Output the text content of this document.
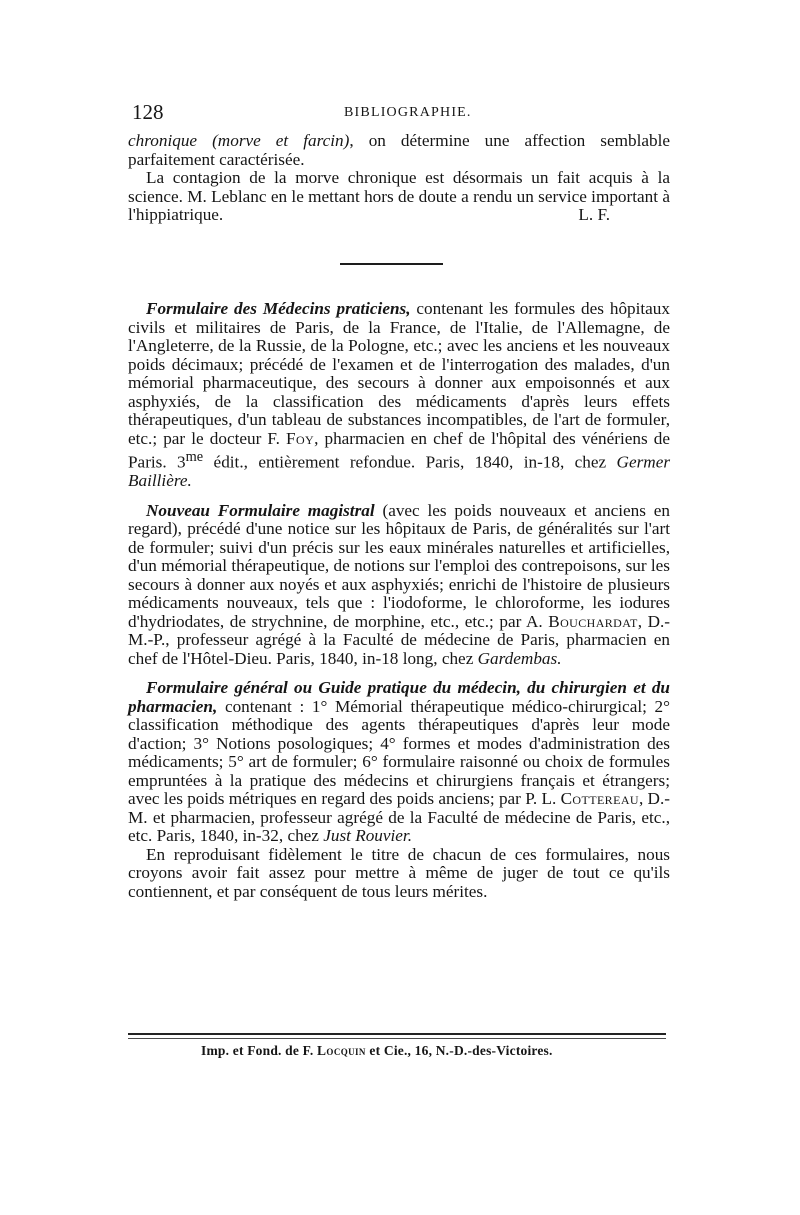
128	BIBLIOGRAPHIE.

chronique (morve et farcin), on détermine une affection semblable parfaitement caractérisée.

La contagion de la morve chronique est désormais un fait acquis à la science. M. Leblanc en le mettant hors de doute a rendu un service important à l'hippiatrique.	L. F.

Formulaire des Médecins praticiens, contenant les formules des hôpitaux civils et militaires de Paris, de la France, de l'Italie, de l'Allemagne, de l'Angleterre, de la Russie, de la Pologne, etc.; avec les anciens et les nouveaux poids décimaux; précédé de l'examen et de l'interrogation des malades, d'un mémorial pharmaceutique, des secours à donner aux empoisonnés et aux asphyxiés, de la classification des médicaments d'après leurs effets thérapeutiques, d'un tableau de substances incompatibles, de l'art de formuler, etc.; par le docteur F. Foy, pharmacien en chef de l'hôpital des vénériens de Paris. $3^{me}$ édit., entièrement refondue. Paris, 1840, in-18, chez Germer Baillière.

Nouveau Formulaire magistral (avec les poids nouveaux et anciens en regard), précédé d'une notice sur les hôpitaux de Paris, de généralités sur l'art de formuler; suivi d'un précis sur les eaux minérales naturelles et artificielles, d'un mémorial thérapeutique, de notions sur l'emploi des contrepoisons, sur les secours à donner aux noyés et aux asphyxiés; enrichi de l'histoire de plusieurs médicaments nouveaux, tels que : l'iodoforme, le chloroforme, les iodures d'hydriodates, de strychnine, de morphine, etc., etc.; par A. Bouchardat, D.-M.-P., professeur agrégé à la Faculté de médecine de Paris, pharmacien en chef de l'Hôtel-Dieu. Paris, 1840, in-18 long, chez Gardembas.

Formulaire général ou Guide pratique du médecin, du chirurgien et du pharmacien, contenant : 1° Mémorial thérapeutique médico-chirurgical; 2° classification méthodique des agents thérapeutiques d'après leur mode d'action; 3° Notions posologiques; 4° formes et modes d'administration des médicaments; 5° art de formuler; 6° formulaire raisonné ou choix de formules empruntées à la pratique des médecins et chirurgiens français et étrangers; avec les poids métriques en regard des poids anciens; par P. L. Cottereau, D.-M. et pharmacien, professeur agrégé de la Faculté de médecine de Paris, etc., etc. Paris, 1840, in-32, chez Just Rouvier.

En reproduisant fidèlement le titre de chacun de ces formulaires, nous croyons avoir fait assez pour mettre à même de juger de tout ce qu'ils contiennent, et par conséquent de tous leurs mérites.

Imp. et Fond. de F. Locquin et Cie., 16, N.-D.-des-Victoires.
